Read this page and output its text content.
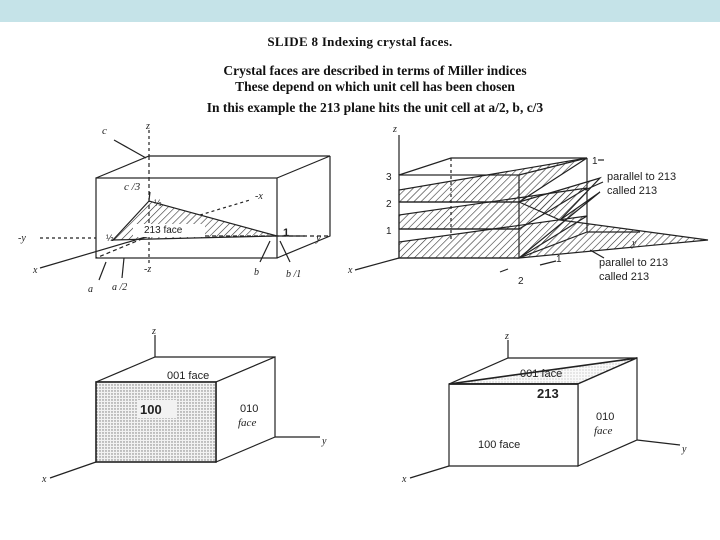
SLIDE 8 Indexing crystal faces.
Crystal faces are described in terms of Miller indices
These depend on which unit cell has been chosen
In this example the 213 plane hits the unit cell at a/2, b, c/3
c	z
-z
-x
-y	y
x
c /3
213 face	1
½
⅓
b	b /1
a a /2
z
3
2
1
1
x
y
1
2
parallel to 213
called 213
parallel to 213
called 213
z
y
x
001 face
100	010
face
z
y
x
001 face
213
100 face
010
face
